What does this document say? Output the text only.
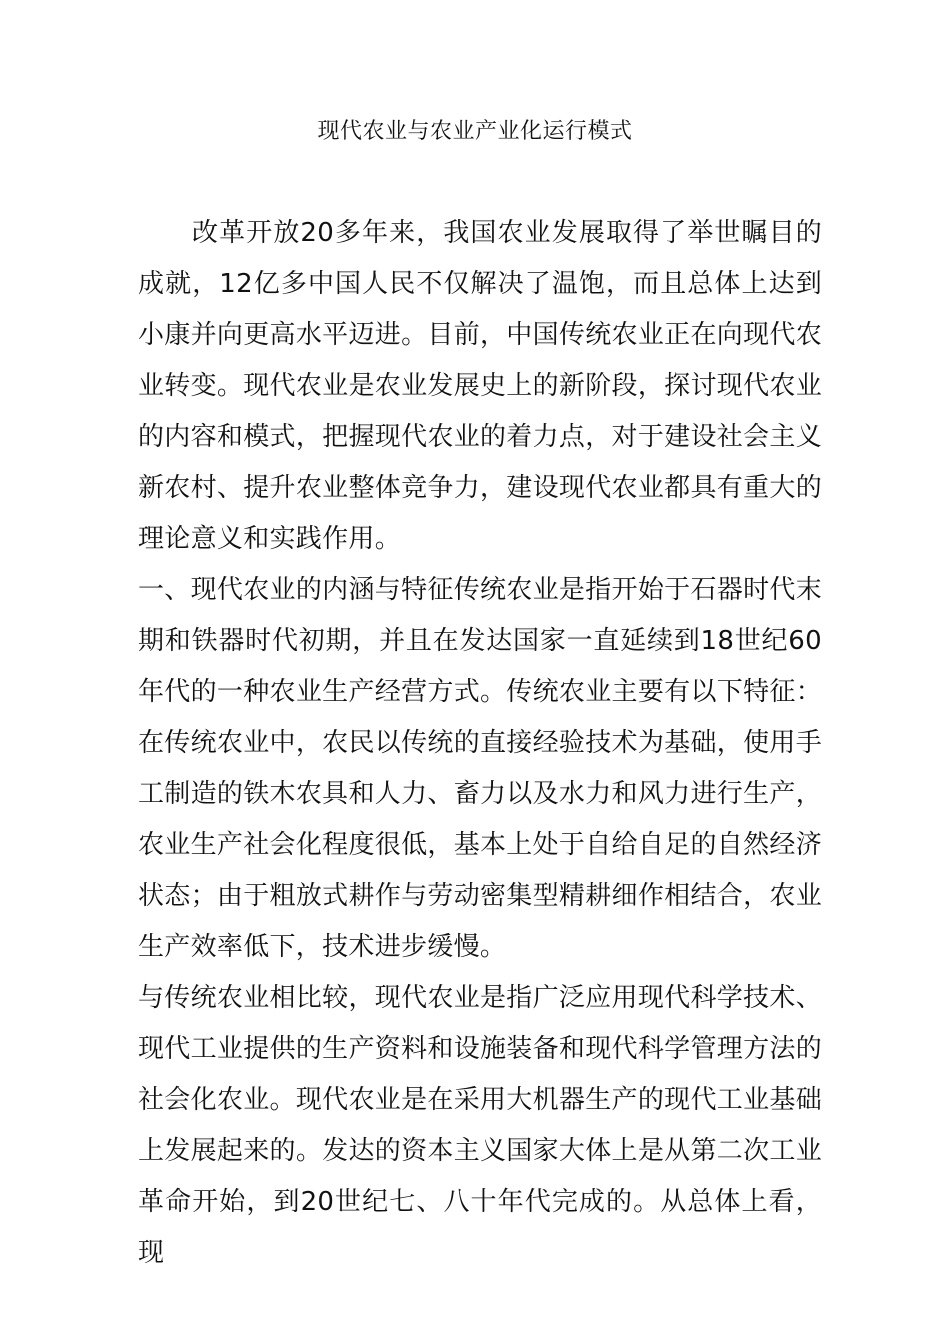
现代农业与农业产业化运行模式

改革开放20多年来，我国农业发展取得了举世瞩目的成就，12亿多中国人民不仅解决了温饱，而且总体上达到小康并向更高水平迈进。目前，中国传统农业正在向现代农业转变。现代农业是农业发展史上的新阶段，探讨现代农业的内容和模式，把握现代农业的着力点，对于建设社会主义新农村、提升农业整体竞争力，建设现代农业都具有重大的理论意义和实践作用。

一、现代农业的内涵与特征传统农业是指开始于石器时代末期和铁器时代初期，并且在发达国家一直延续到18世纪60年代的一种农业生产经营方式。传统农业主要有以下特征：在传统农业中，农民以传统的直接经验技术为基础，使用手工制造的铁木农具和人力、畜力以及水力和风力进行生产，农业生产社会化程度很低，基本上处于自给自足的自然经济状态；由于粗放式耕作与劳动密集型精耕细作相结合，农业生产效率低下，技术进步缓慢。

与传统农业相比较，现代农业是指广泛应用现代科学技术、现代工业提供的生产资料和设施装备和现代科学管理方法的社会化农业。现代农业是在采用大机器生产的现代工业基础上发展起来的。发达的资本主义国家大体上是从第二次工业革命开始，到20世纪七、八十年代完成的。从总体上看，现
